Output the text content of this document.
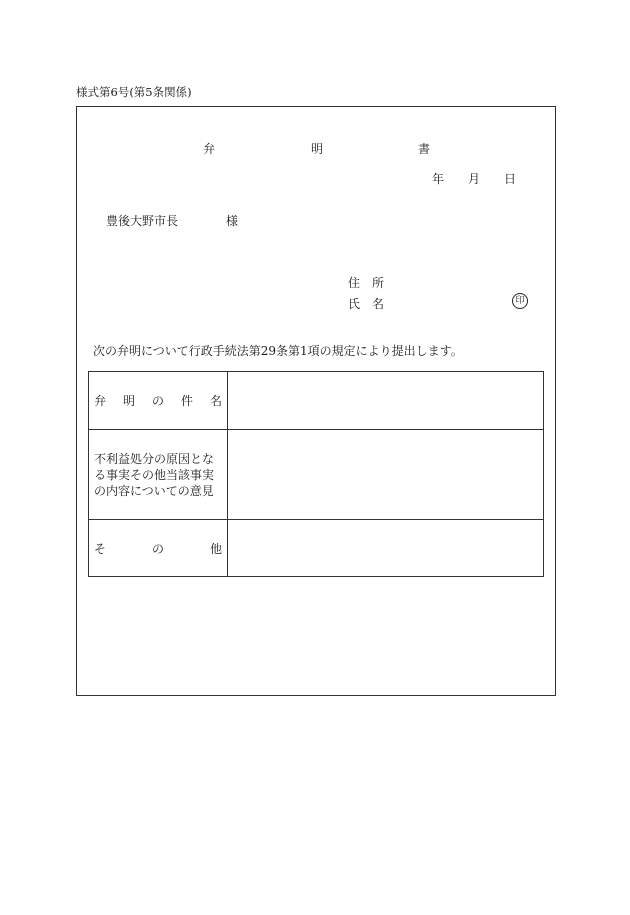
様式第6号(第5条関係)
弁	明	書
年 月 日
豊後大野市長	様
住　所
氏　名	印
次の弁明について行政手続法第29条第1項の規定により提出します。
弁　明　の　件　名	
不利益処分の原因となる事実その他当該事実の内容についての意見	
そ　の　他	
